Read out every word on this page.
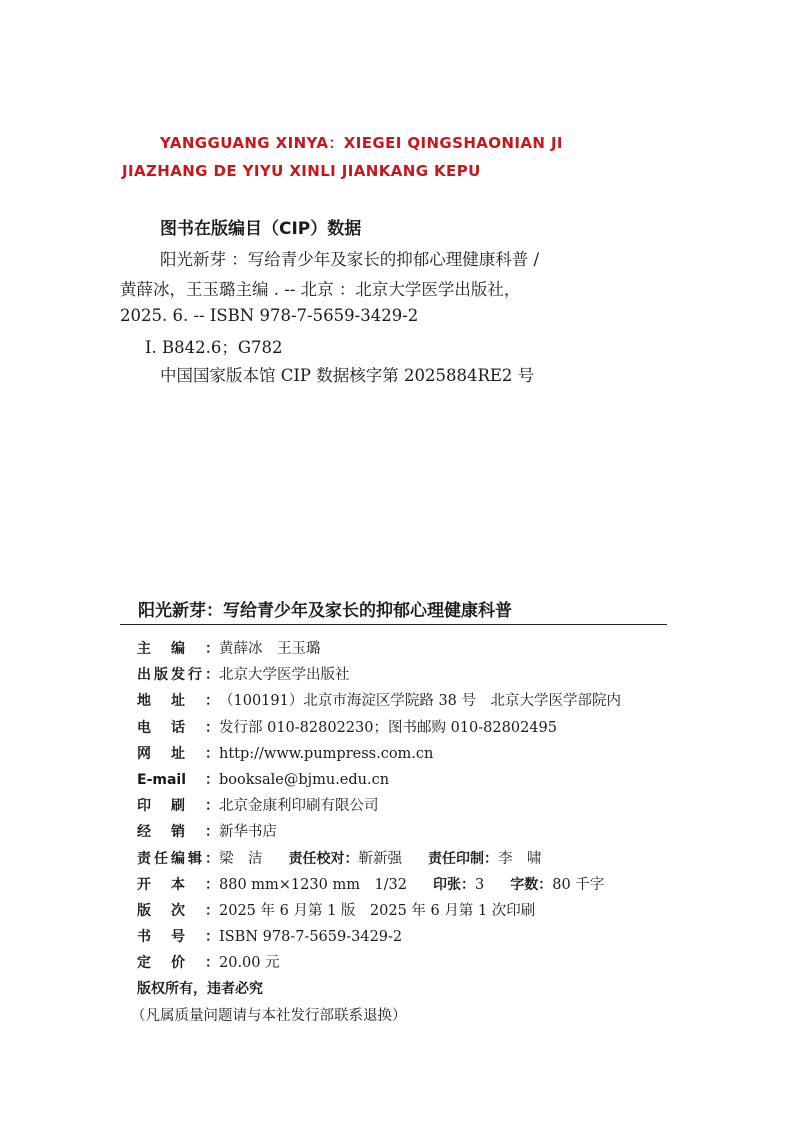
YANGGUANG XINYA：XIEGEI QINGSHAONIAN JI
JIAZHANG DE YIYU XINLI JIANKANG KEPU
图书在版编目（CIP）数据
阳光新芽 ：写给青少年及家长的抑郁心理健康科普 /
黄薛冰，王玉璐主编 . -- 北京 ：北京大学医学出版社，
2025. 6. -- ISBN 978-7-5659-3429-2
Ⅰ. B842.6；G782
中国国家版本馆 CIP 数据核字第 2025884RE2 号
阳光新芽：写给青少年及家长的抑郁心理健康科普
主编： 黄薛冰　王玉璐
出版发行： 北京大学医学出版社
地址： （100191）北京市海淀区学院路 38 号　北京大学医学部院内
电话： 发行部 010-82802230；图书邮购 010-82802495
网址： http://www.pumpress.com.cn
E-mail： booksale@bjmu.edu.cn
印刷： 北京金康利印刷有限公司
经销： 新华书店
责任编辑： 梁　洁 责任校对： 靳新强 责任印制： 李　啸
开本： 880 mm×1230 mm　1/32 印张： 3 字数： 80 千字
版次： 2025 年 6 月第 1 版　2025 年 6 月第 1 次印刷
书号： ISBN 978-7-5659-3429-2
定价： 20.00 元
版权所有，违者必究
（凡属质量问题请与本社发行部联系退换）
